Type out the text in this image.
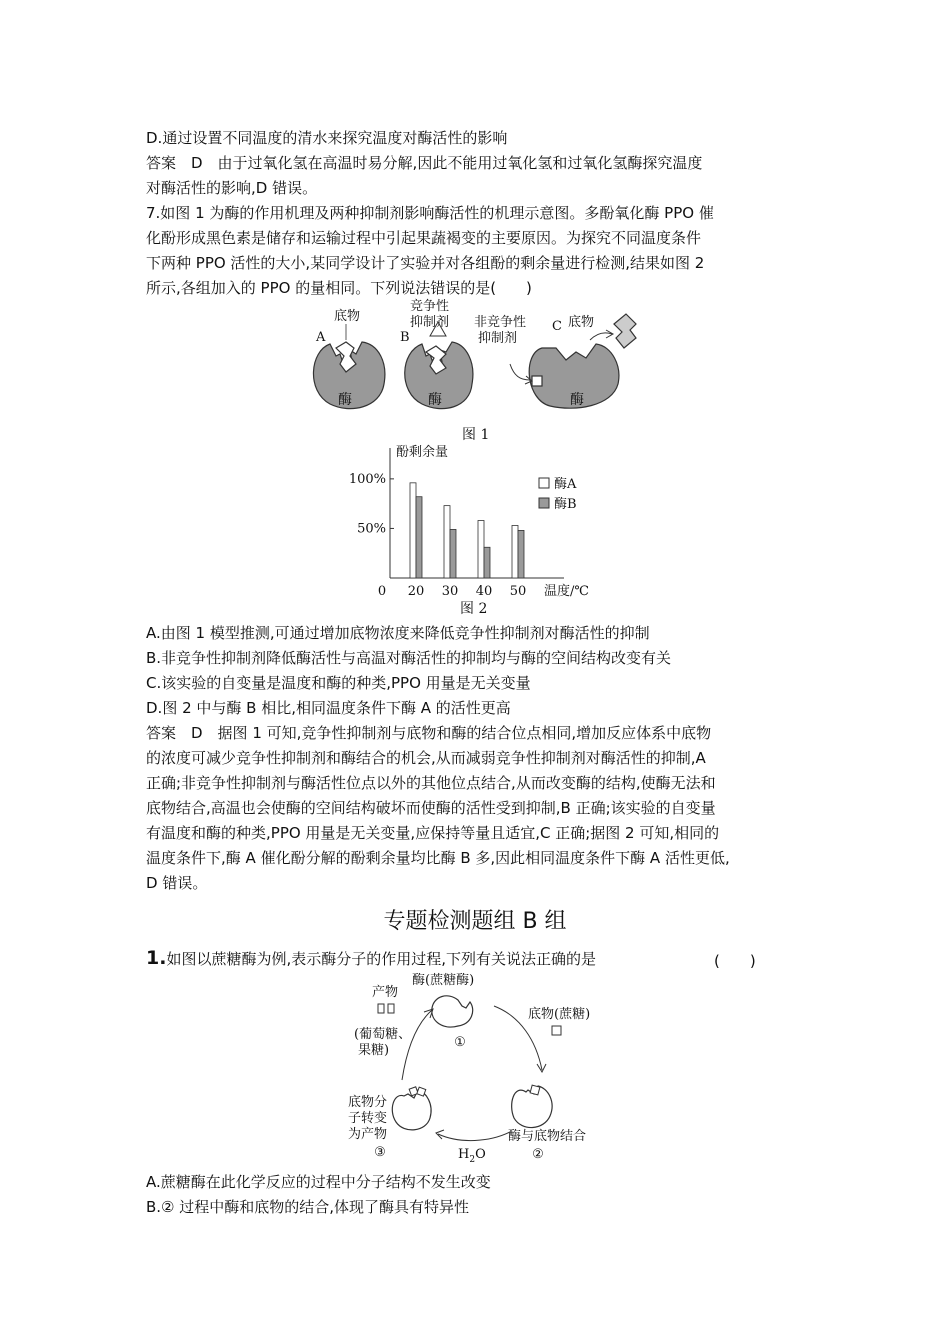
D.通过设置不同温度的清水来探究温度对酶活性的影响
答案　D　由于过氧化氢在高温时易分解,因此不能用过氧化氢和过氧化氢酶探究温度
对酶活性的影响,D 错误。
7.如图 1 为酶的作用机理及两种抑制剂影响酶活性的机理示意图。多酚氧化酶 PPO 催
化酚形成黑色素是储存和运输过程中引起果蔬褐变的主要原因。为探究不同温度条件
下两种 PPO 活性的大小,某同学设计了实验并对各组酚的剩余量进行检测,结果如图 2
所示,各组加入的 PPO 的量相同。下列说法错误的是(　　)
A
底物
酶
B
竞争性
抑制剂
酶
非竞争性
抑制剂
C 底物
酶
图 1
酚剩余量
0	温度/℃
50%
100%
20 30 40 50
酶A
酶B
图 2
A.由图 1 模型推测,可通过增加底物浓度来降低竞争性抑制剂对酶活性的抑制
B.非竞争性抑制剂降低酶活性与高温对酶活性的抑制均与酶的空间结构改变有关
C.该实验的自变量是温度和酶的种类,PPO 用量是无关变量
D.图 2 中与酶 B 相比,相同温度条件下酶 A 的活性更高
答案　D　据图 1 可知,竞争性抑制剂与底物和酶的结合位点相同,增加反应体系中底物
的浓度可减少竞争性抑制剂和酶结合的机会,从而减弱竞争性抑制剂对酶活性的抑制,A
正确;非竞争性抑制剂与酶活性位点以外的其他位点结合,从而改变酶的结构,使酶无法和
底物结合,高温也会使酶的空间结构破坏而使酶的活性受到抑制,B 正确;该实验的自变量
有温度和酶的种类,PPO 用量是无关变量,应保持等量且适宜,C 正确;据图 2 可知,相同的
温度条件下,酶 A 催化酚分解的酚剩余量均比酶 B 多,因此相同温度条件下酶 A 活性更低,
D 错误。
专题检测题组 B 组
1.如图以蔗糖酶为例,表示酶分子的作用过程,下列有关说法正确的是	(　　)
酶(蔗糖酶)
①
底物(蔗糖)
酶与底物结合
②
$H_2O$
底物分
子转变
为产物
③
产物
(葡萄糖、
果糖)
A.蔗糖酶在此化学反应的过程中分子结构不发生改变
B.② 过程中酶和底物的结合,体现了酶具有特异性
